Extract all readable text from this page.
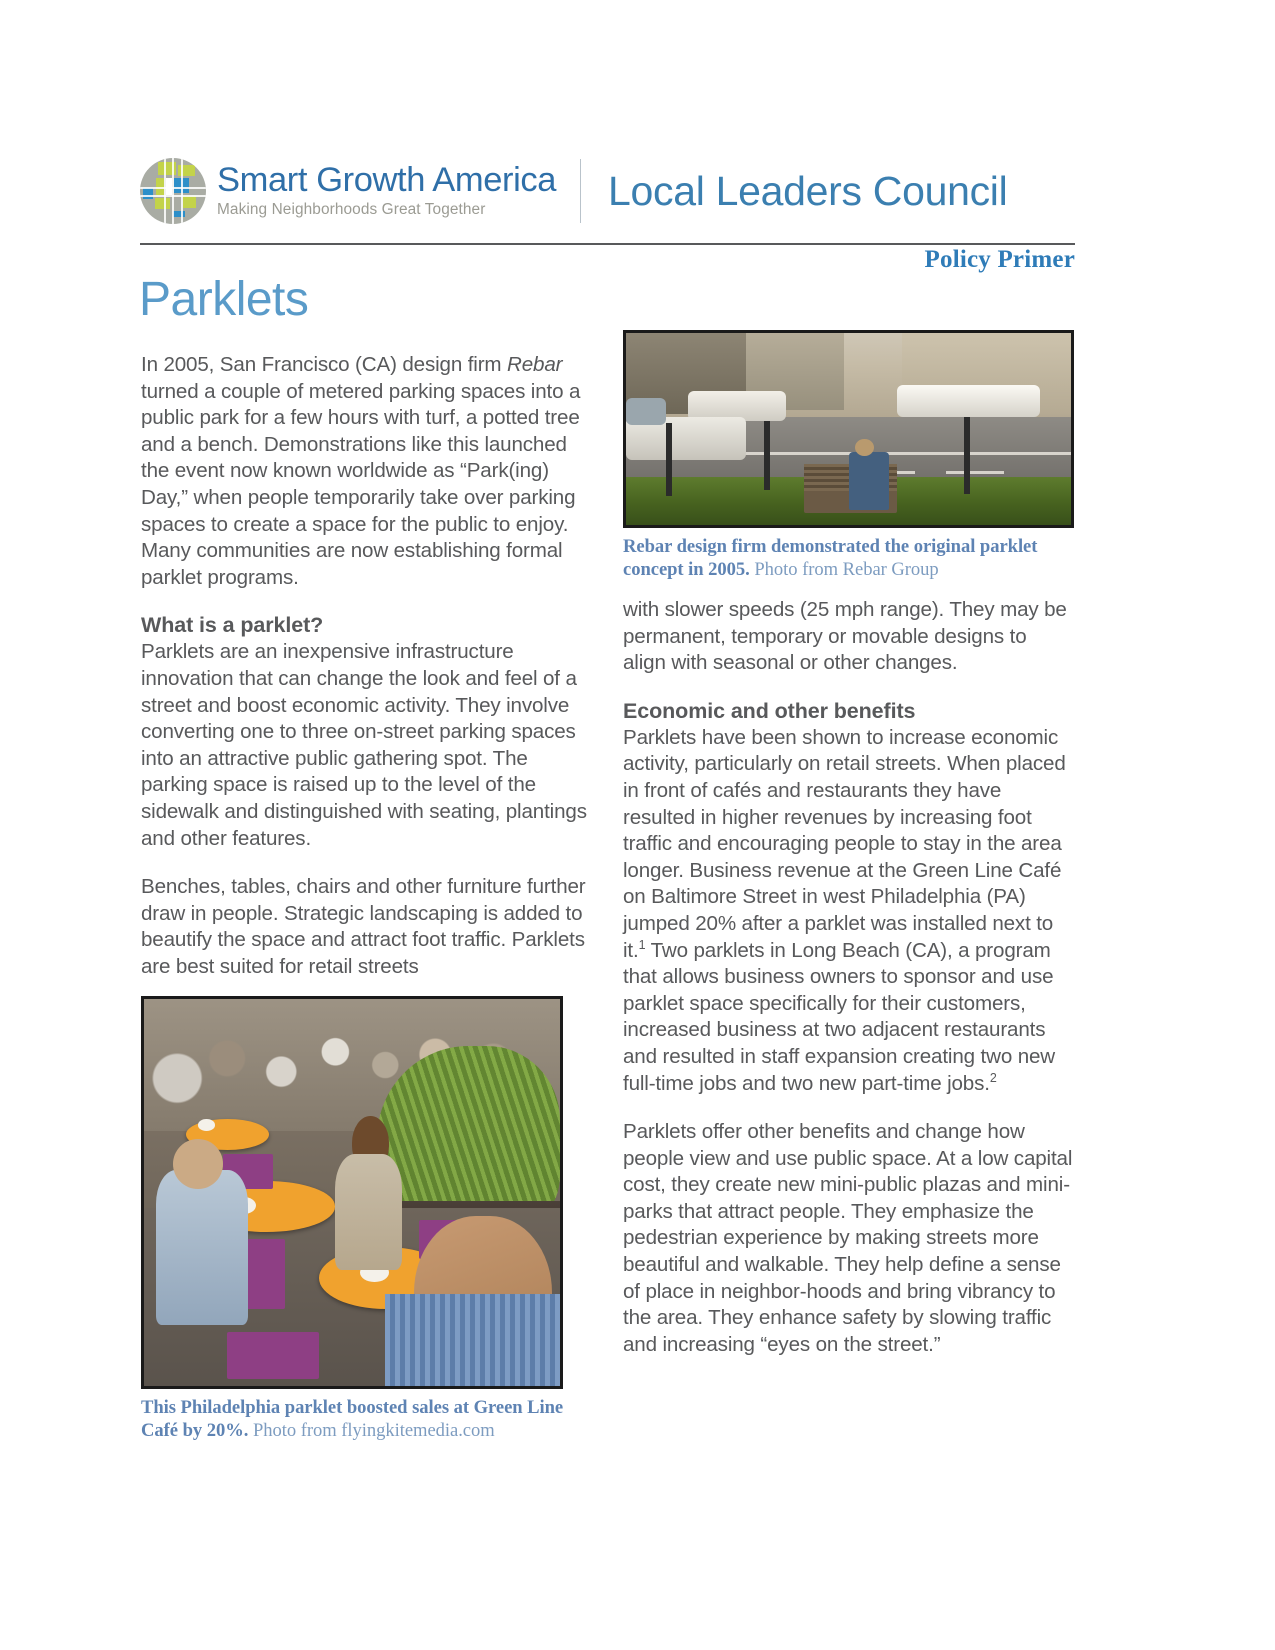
Smart Growth America
Making Neighborhoods Great Together	Local Leaders Council
Policy Primer
Parklets

In 2005, San Francisco (CA) design firm Rebar turned a couple of metered parking spaces into a public park for a few hours with turf, a potted tree and a bench. Demonstrations like this launched the event now known worldwide as “Park(ing) Day,” when people temporarily take over parking spaces to create a space for the public to enjoy. Many communities are now establishing formal parklet programs.

What is a parklet?

Parklets are an inexpensive infrastructure innovation that can change the look and feel of a street and boost economic activity. They involve converting one to three on-street parking spaces into an attractive public gathering spot. The parking space is raised up to the level of the sidewalk and distinguished with seating, plantings and other features.

Benches, tables, chairs and other furniture further draw in people. Strategic landscaping is added to beautify the space and attract foot traffic. Parklets are best suited for retail streets

This Philadelphia parklet boosted sales at Green Line Café by 20%. Photo from flyingkitemedia.com
Rebar design firm demonstrated the original parklet concept in 2005. Photo from Rebar Group

with slower speeds (25 mph range). They may be permanent, temporary or movable designs to align with seasonal or other changes.

Economic and other benefits

Parklets have been shown to increase economic activity, particularly on retail streets. When placed in front of cafés and restaurants they have resulted in higher revenues by increasing foot traffic and encouraging people to stay in the area longer. Business revenue at the Green Line Café on Baltimore Street in west Philadelphia (PA) jumped 20% after a parklet was installed next to it.$^1$ Two parklets in Long Beach (CA), a program that allows business owners to sponsor and use parklet space specifically for their customers, increased business at two adjacent restaurants and resulted in staff expansion creating two new full-time jobs and two new part-time jobs.$^2$

Parklets offer other benefits and change how people view and use public space. At a low capital cost, they create new mini-public plazas and mini-parks that attract people. They emphasize the pedestrian experience by making streets more beautiful and walkable. They help define a sense of place in neighbor-hoods and bring vibrancy to the area. They enhance safety by slowing traffic and increasing “eyes on the street.”
